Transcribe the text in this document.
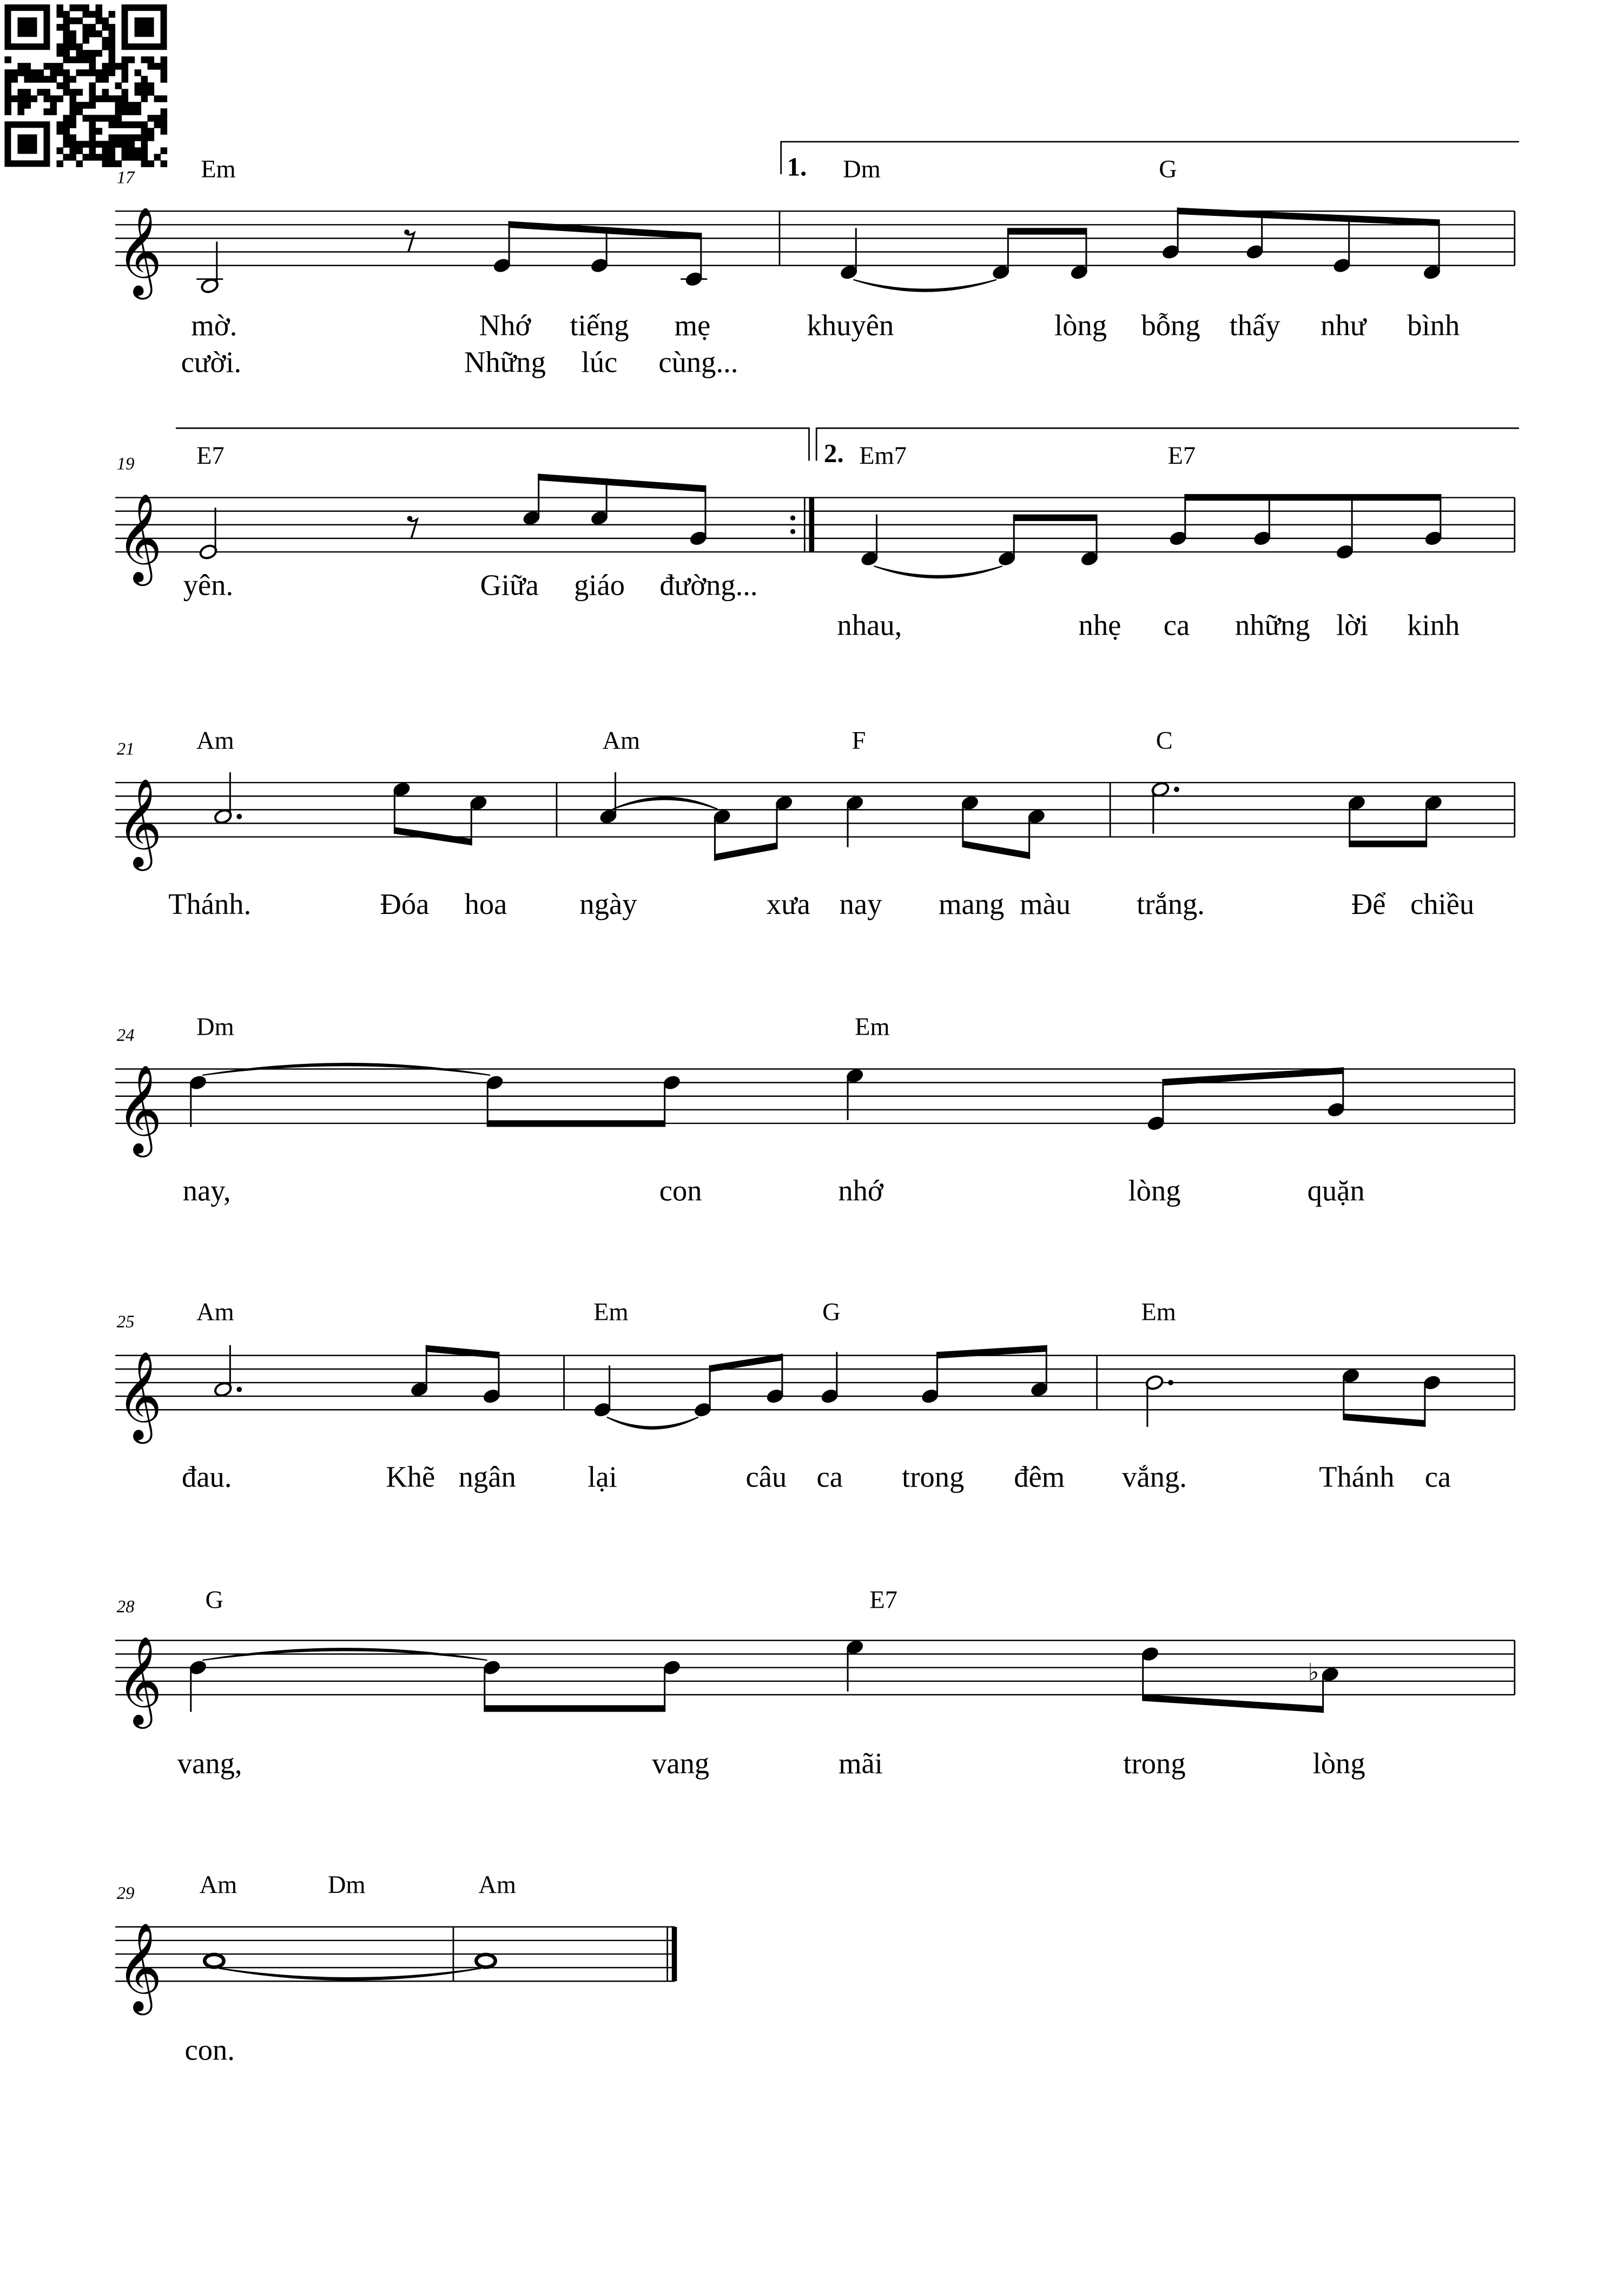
𝄞
17	Em	Dm	G
mờ.	Nhớ	tiếng	mẹ	khuyên	lòng	bỗng	thấy	như	bình
cười.	Những	lúc	cùng...
1.
𝄞
19	E7	Em7	E7
yên.	Giữa	giáo	đường...
nhau,	nhẹ	ca	những lời	kinh
2.
𝄞
21	Am	Am	F	C
Thánh.	Đóa	hoa	ngày	xưa	nay	mang màu	trắng.	Để chiều
𝄞
24	Dm	Em
nay,	con	nhớ	lòng	quặn
𝄞
25	Am	Em	G	Em
đau.	Khẽ ngân	lại	câu	ca	trong	đêm	vắng.	Thánh	ca
𝄞
28	G	E7
vang,	vang	mãi	trong	lòng
♭
𝄞
29	Am	Dm	Am
con.
